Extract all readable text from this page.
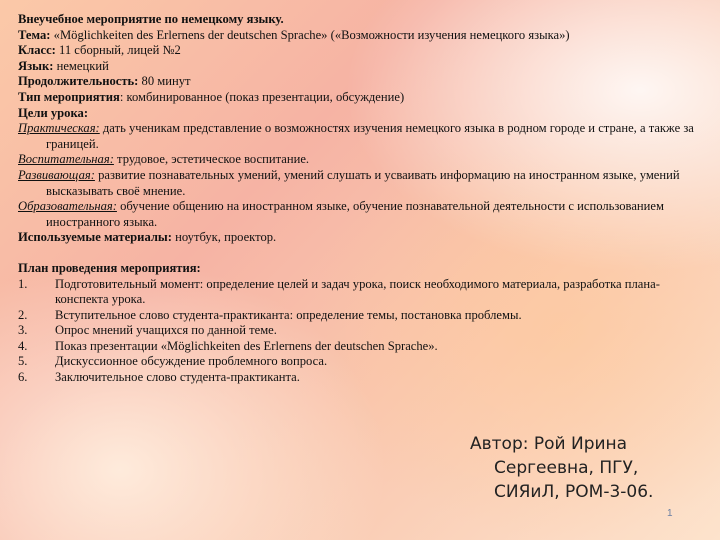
Внеучебное мероприятие по немецкому языку.

Тема: «Möglichkeiten des Erlernens der deutschen Sprache» («Возможности изучения немецкого языка»)

Класс: 11 сборный, лицей №2

Язык: немецкий

Продолжительность: 80 минут

Тип мероприятия: комбинированное (показ презентации, обсуждение)

Цели урока:

Практическая: дать ученикам представление о возможностях изучения немецкого языка в родном городе и стране, а также за границей.

Воспитательная: трудовое, эстетическое воспитание.

Развивающая: развитие познавательных умений, умений слушать и усваивать информацию на иностранном языке, умений высказывать своё мнение.

Образовательная: обучение общению на иностранном языке, обучение познавательной деятельности с использованием иностранного языка.

Используемые материалы: ноутбук, проектор.

План проведения мероприятия:

1. Подготовительный момент: определение целей и задач урока, поиск необходимого материала, разработка плана-конспекта урока.
2. Вступительное слово студента-практиканта: определение темы, постановка проблемы.
3. Опрос мнений учащихся по данной теме.
4. Показ презентации «Möglichkeiten des Erlernens der deutschen Sprache».
5. Дискуссионное обсуждение проблемного вопроса.
6. Заключительное слово студента-практиканта.
Автор: Рой Ирина
Сергеевна, ПГУ,
СИЯиЛ, РОМ-3-06.
1
